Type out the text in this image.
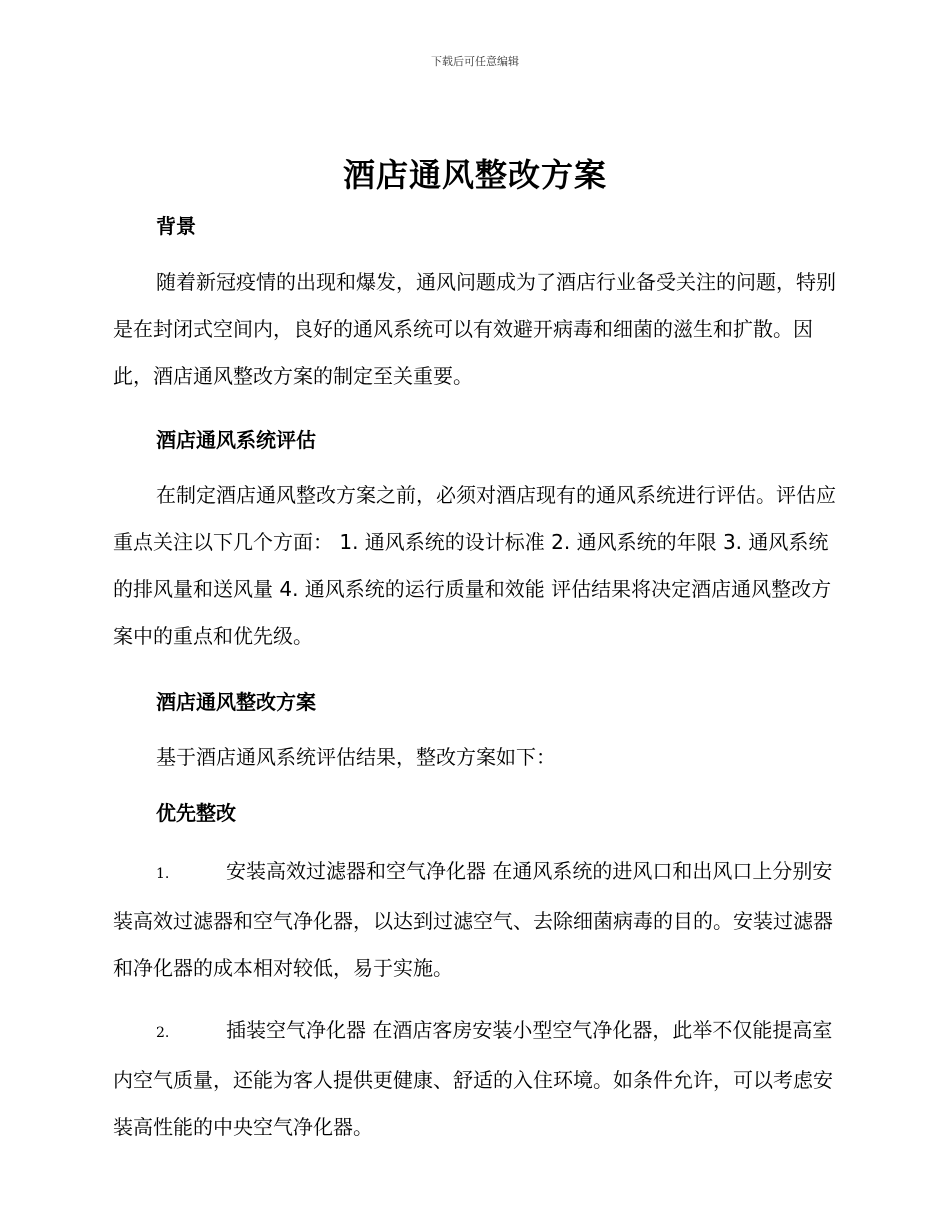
下载后可任意编辑
酒店通风整改方案

背景

随着新冠疫情的出现和爆发，通风问题成为了酒店行业备受关注的问题，特别是在封闭式空间内，良好的通风系统可以有效避开病毒和细菌的滋生和扩散。因此，酒店通风整改方案的制定至关重要。

酒店通风系统评估

在制定酒店通风整改方案之前，必须对酒店现有的通风系统进行评估。评估应重点关注以下几个方面： 1. 通风系统的设计标准 2. 通风系统的年限 3. 通风系统的排风量和送风量 4. 通风系统的运行质量和效能 评估结果将决定酒店通风整改方案中的重点和优先级。

酒店通风整改方案

基于酒店通风系统评估结果，整改方案如下：

优先整改

1.	安装高效过滤器和空气净化器 在通风系统的进风口和出风口上分别安装高效过滤器和空气净化器，以达到过滤空气、去除细菌病毒的目的。安装过滤器和净化器的成本相对较低，易于实施。

2.	插装空气净化器 在酒店客房安装小型空气净化器，此举不仅能提高室内空气质量，还能为客人提供更健康、舒适的入住环境。如条件允许，可以考虑安装高性能的中央空气净化器。
